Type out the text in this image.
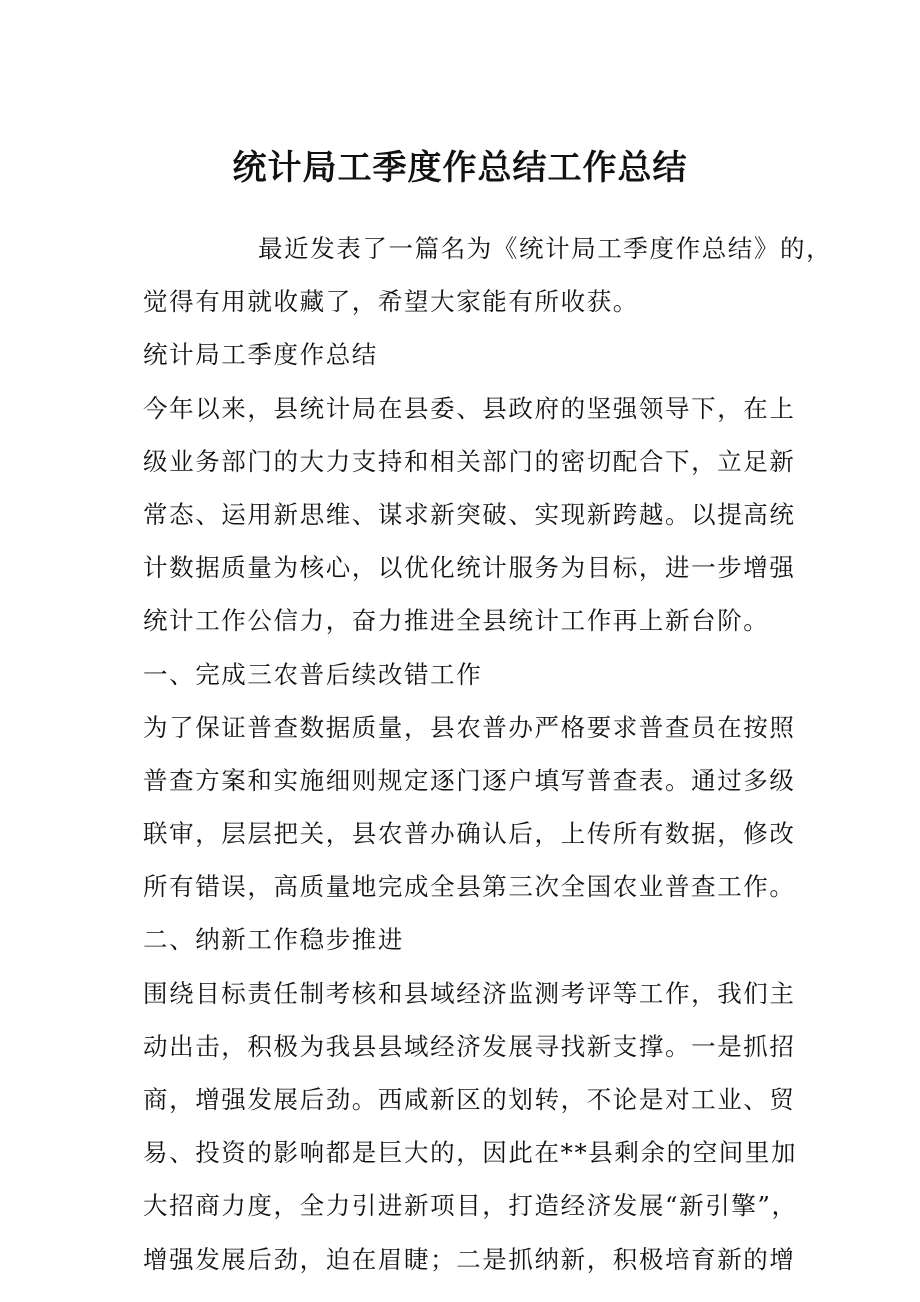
统计局工季度作总结工作总结
最近发表了一篇名为《统计局工季度作总结》的，
觉得有用就收藏了，希望大家能有所收获。
统计局工季度作总结
今年以来，县统计局在县委、县政府的坚强领导下，在上
级业务部门的大力支持和相关部门的密切配合下，立足新
常态、运用新思维、谋求新突破、实现新跨越。以提高统
计数据质量为核心，以优化统计服务为目标，进一步增强
统计工作公信力，奋力推进全县统计工作再上新台阶。
一、完成三农普后续改错工作
为了保证普查数据质量，县农普办严格要求普查员在按照
普查方案和实施细则规定逐门逐户填写普查表。通过多级
联审，层层把关，县农普办确认后，上传所有数据，修改
所有错误，高质量地完成全县第三次全国农业普查工作。
二、纳新工作稳步推进
围绕目标责任制考核和县域经济监测考评等工作，我们主
动出击，积极为我县县域经济发展寻找新支撑。一是抓招
商，增强发展后劲。西咸新区的划转，不论是对工业、贸
易、投资的影响都是巨大的，因此在**县剩余的空间里加
大招商力度，全力引进新项目，打造经济发展“新引擎”，
增强发展后劲，迫在眉睫；二是抓纳新，积极培育新的增
